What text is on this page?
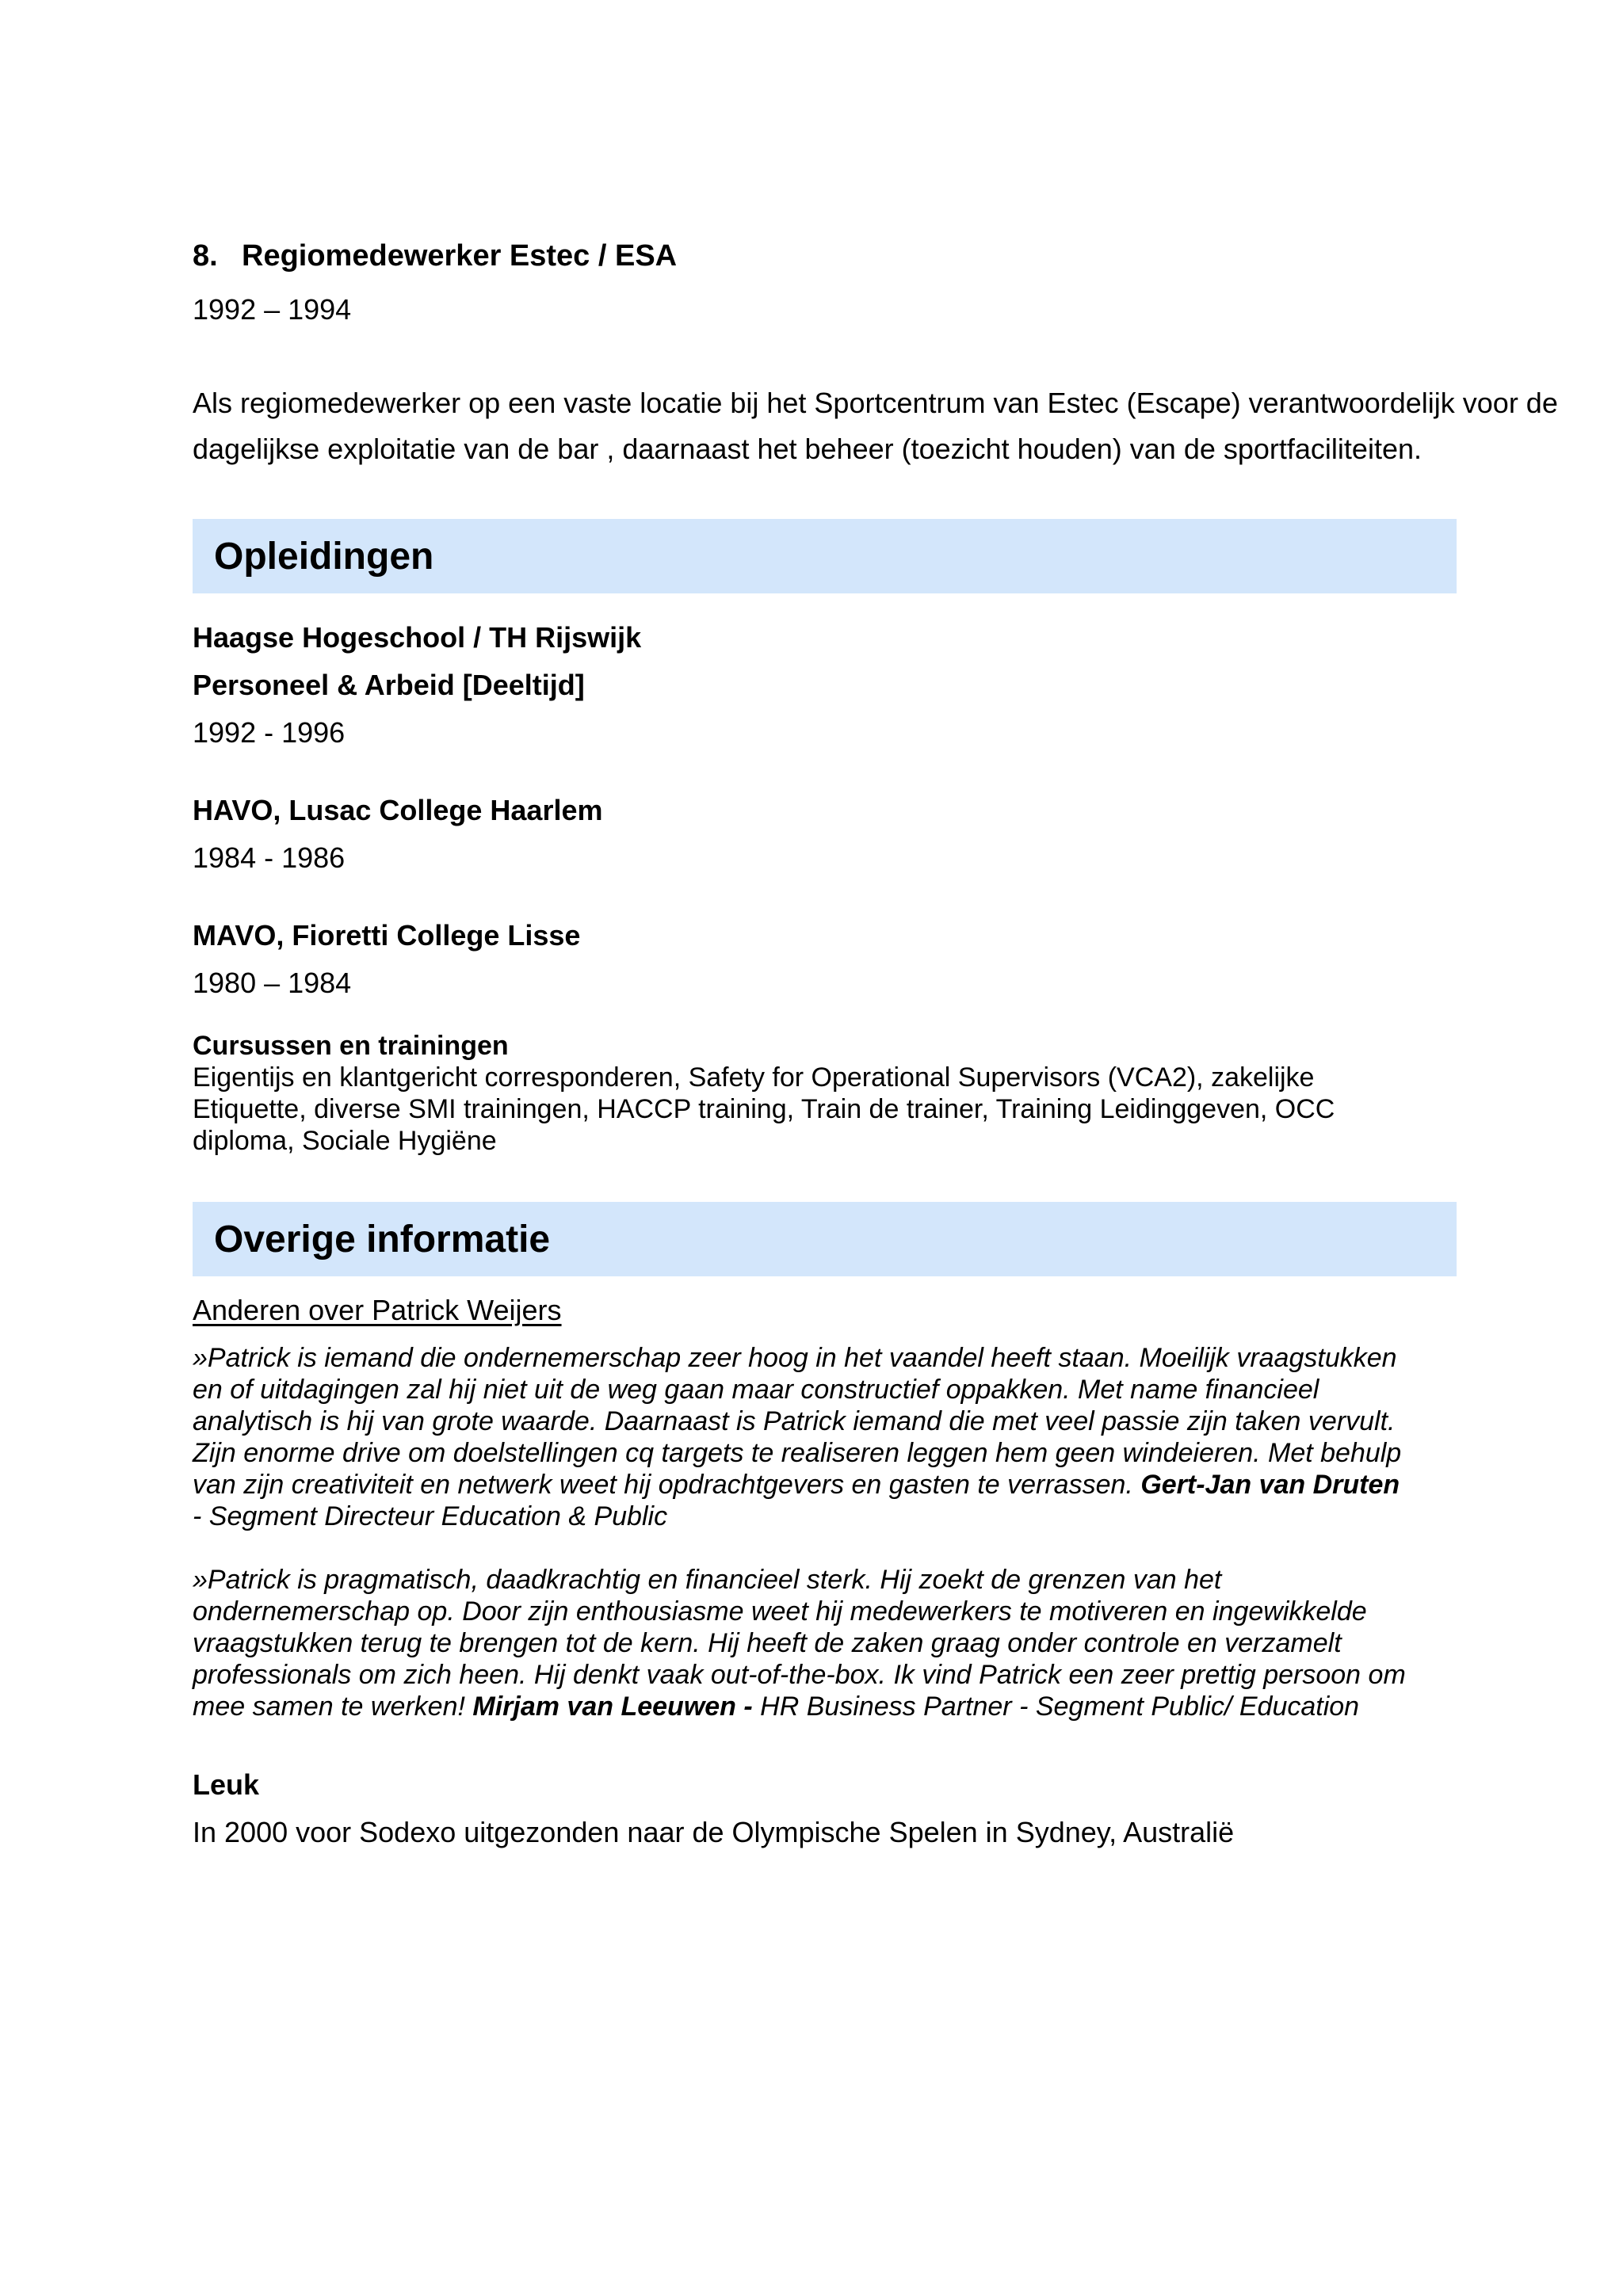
8. Regiomedewerker Estec / ESA

1992 – 1994

Als regiomedewerker op een vaste locatie bij het Sportcentrum van Estec (Escape) verantwoordelijk voor de

dagelijkse exploitatie van de bar , daarnaast het beheer (toezicht houden) van de sportfaciliteiten.

Opleidingen

Haagse Hogeschool / TH Rijswijk

Personeel & Arbeid [Deeltijd]

1992 - 1996

HAVO, Lusac College Haarlem

1984 - 1986

MAVO, Fioretti College Lisse

1980 – 1984

Cursussen en trainingen

Eigentijs en klantgericht corresponderen, Safety for Operational Supervisors (VCA2), zakelijke

Etiquette, diverse SMI trainingen, HACCP training, Train de trainer, Training Leidinggeven, OCC

diploma, Sociale Hygiëne

Overige informatie

Anderen over Patrick Weijers

»Patrick is iemand die ondernemerschap zeer hoog in het vaandel heeft staan. Moeilijk vraagstukken

en of uitdagingen zal hij niet uit de weg gaan maar constructief oppakken. Met name financieel

analytisch is hij van grote waarde. Daarnaast is Patrick iemand die met veel passie zijn taken vervult.

Zijn enorme drive om doelstellingen cq targets te realiseren leggen hem geen windeieren. Met behulp

van zijn creativiteit en netwerk weet hij opdrachtgevers en gasten te verrassen. Gert-Jan van Druten

- Segment Directeur Education & Public

»Patrick is pragmatisch, daadkrachtig en financieel sterk. Hij zoekt de grenzen van het

ondernemerschap op. Door zijn enthousiasme weet hij medewerkers te motiveren en ingewikkelde

vraagstukken terug te brengen tot de kern. Hij heeft de zaken graag onder controle en verzamelt

professionals om zich heen. Hij denkt vaak out-of-the-box. Ik vind Patrick een zeer prettig persoon om

mee samen te werken! Mirjam van Leeuwen - HR Business Partner - Segment Public/ Education

Leuk

In 2000 voor Sodexo uitgezonden naar de Olympische Spelen in Sydney, Australië
